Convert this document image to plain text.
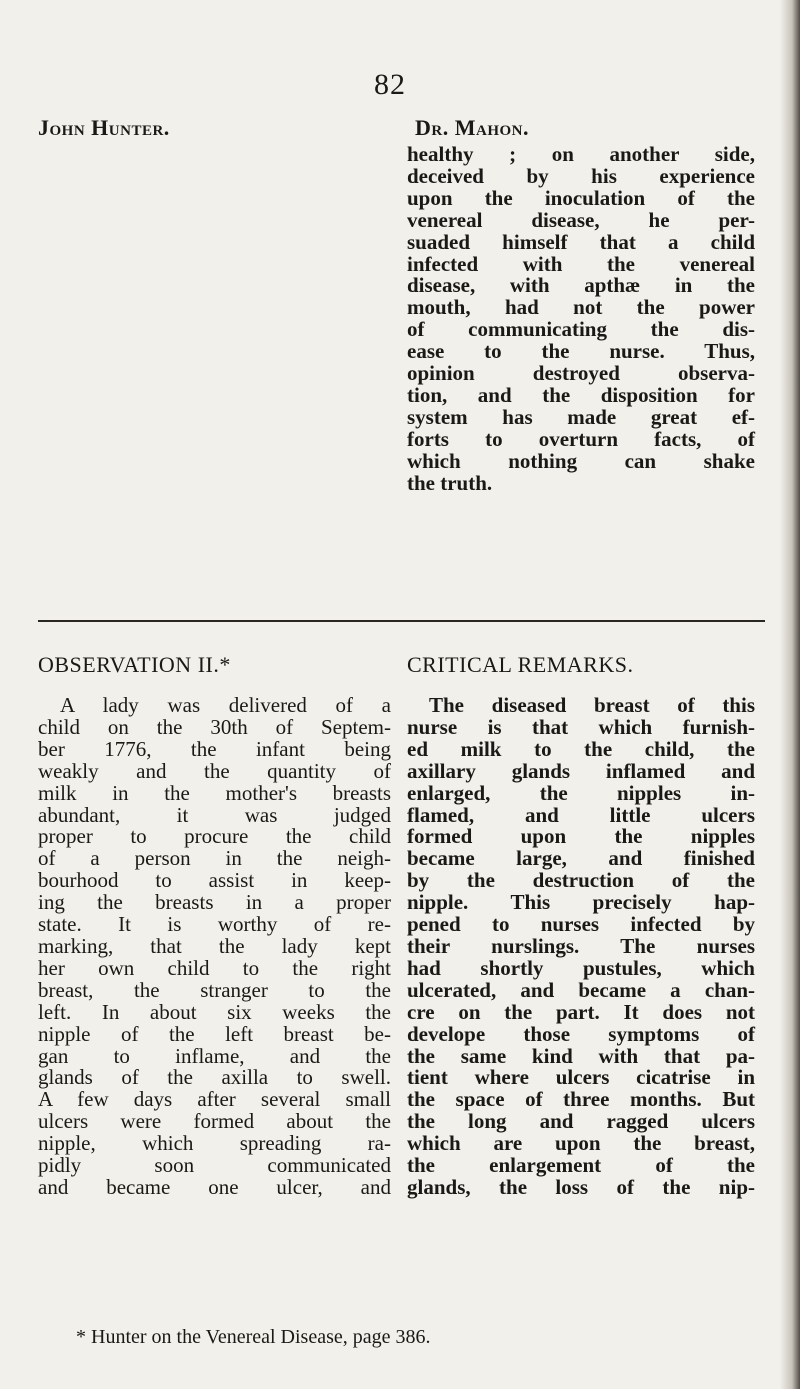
82
John Hunter.	Dr. Mahon.
healthy ; on another side,
deceived by his experience
upon the inoculation of the
venereal disease, he per-
suaded himself that a child
infected with the venereal
disease, with apthæ in the
mouth, had not the power
of communicating the dis-
ease to the nurse. Thus,
opinion destroyed observa-
tion, and the disposition for
system has made great ef-
forts to overturn facts, of
which nothing can shake
the truth.
OBSERVATION II.*	CRITICAL REMARKS.
A lady was delivered of a
child on the 30th of Septem-
ber 1776, the infant being
weakly and the quantity of
milk in the mother's breasts
abundant, it was judged
proper to procure the child
of a person in the neigh-
bourhood to assist in keep-
ing the breasts in a proper
state. It is worthy of re-
marking, that the lady kept
her own child to the right
breast, the stranger to the
left. In about six weeks the
nipple of the left breast be-
gan to inflame, and the
glands of the axilla to swell.
A few days after several small
ulcers were formed about the
nipple, which spreading ra-
pidly soon communicated
and became one ulcer, and
The diseased breast of this
nurse is that which furnish-
ed milk to the child, the
axillary glands inflamed and
enlarged, the nipples in-
flamed, and little ulcers
formed upon the nipples
became large, and finished
by the destruction of the
nipple. This precisely hap-
pened to nurses infected by
their nurslings. The nurses
had shortly pustules, which
ulcerated, and became a chan-
cre on the part. It does not
develope those symptoms of
the same kind with that pa-
tient where ulcers cicatrise in
the space of three months. But
the long and ragged ulcers
which are upon the breast,
the enlargement of the
glands, the loss of the nip-
* Hunter on the Venereal Disease, page 386.
